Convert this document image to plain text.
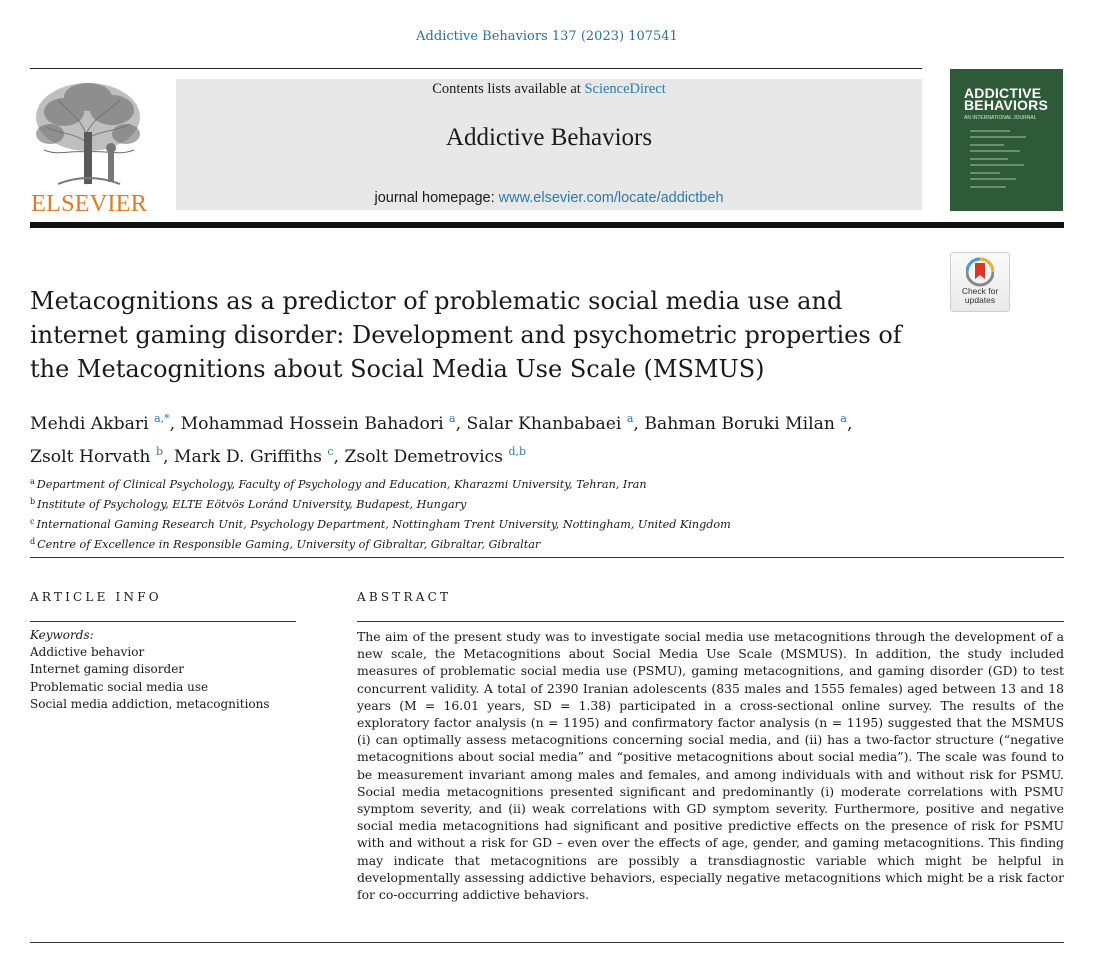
Addictive Behaviors 137 (2023) 107541
ELSEVIER
Contents lists available at ScienceDirect
Addictive Behaviors
journal homepage: www.elsevier.com/locate/addictbeh
ADDICTIVE
BEHAVIORS
AN INTERNATIONAL JOURNAL
Check for
updates
Metacognitions as a predictor of problematic social media use and internet gaming disorder: Development and psychometric properties of the Metacognitions about Social Media Use Scale (MSMUS)
Mehdi Akbari $^{a,*}$, Mohammad Hossein Bahadori $^a$, Salar Khanbabaei $^a$, Bahman Boruki Milan $^a$,
Zsolt Horvath $^b$, Mark D. Griffiths $^c$, Zsolt Demetrovics $^{d,b}$
$^a$ Department of Clinical Psychology, Faculty of Psychology and Education, Kharazmi University, Tehran, Iran
$^b$ Institute of Psychology, ELTE Eötvös Loránd University, Budapest, Hungary
$^c$ International Gaming Research Unit, Psychology Department, Nottingham Trent University, Nottingham, United Kingdom
$^d$ Centre of Excellence in Responsible Gaming, University of Gibraltar, Gibraltar, Gibraltar
ARTICLE INFO	ABSTRACT
Keywords:
Addictive behavior
Internet gaming disorder
Problematic social media use
Social media addiction, metacognitions
The aim of the present study was to investigate social media use metacognitions through the development of a new scale, the Metacognitions about Social Media Use Scale (MSMUS). In addition, the study included measures of problematic social media use (PSMU), gaming metacognitions, and gaming disorder (GD) to test concurrent validity. A total of 2390 Iranian adolescents (835 males and 1555 females) aged between 13 and 18 years (M = 16.01 years, SD = 1.38) participated in a cross-sectional online survey. The results of the exploratory factor analysis (n = 1195) and confirmatory factor analysis (n = 1195) suggested that the MSMUS (i) can optimally assess metacognitions concerning social media, and (ii) has a two-factor structure (“negative metacognitions about social media” and “positive metacognitions about social media”). The scale was found to be measurement invariant among males and females, and among individuals with and without risk for PSMU. Social media metacognitions presented significant and predominantly (i) moderate correlations with PSMU symptom severity, and (ii) weak correlations with GD symptom severity. Furthermore, positive and negative social media metacognitions had significant and positive predictive effects on the presence of risk for PSMU with and without a risk for GD – even over the effects of age, gender, and gaming metacognitions. This finding may indicate that metacognitions are possibly a transdiagnostic variable which might be helpful in developmentally assessing addictive behaviors, especially negative metacognitions which might be a risk factor for co-occurring addictive behaviors.
